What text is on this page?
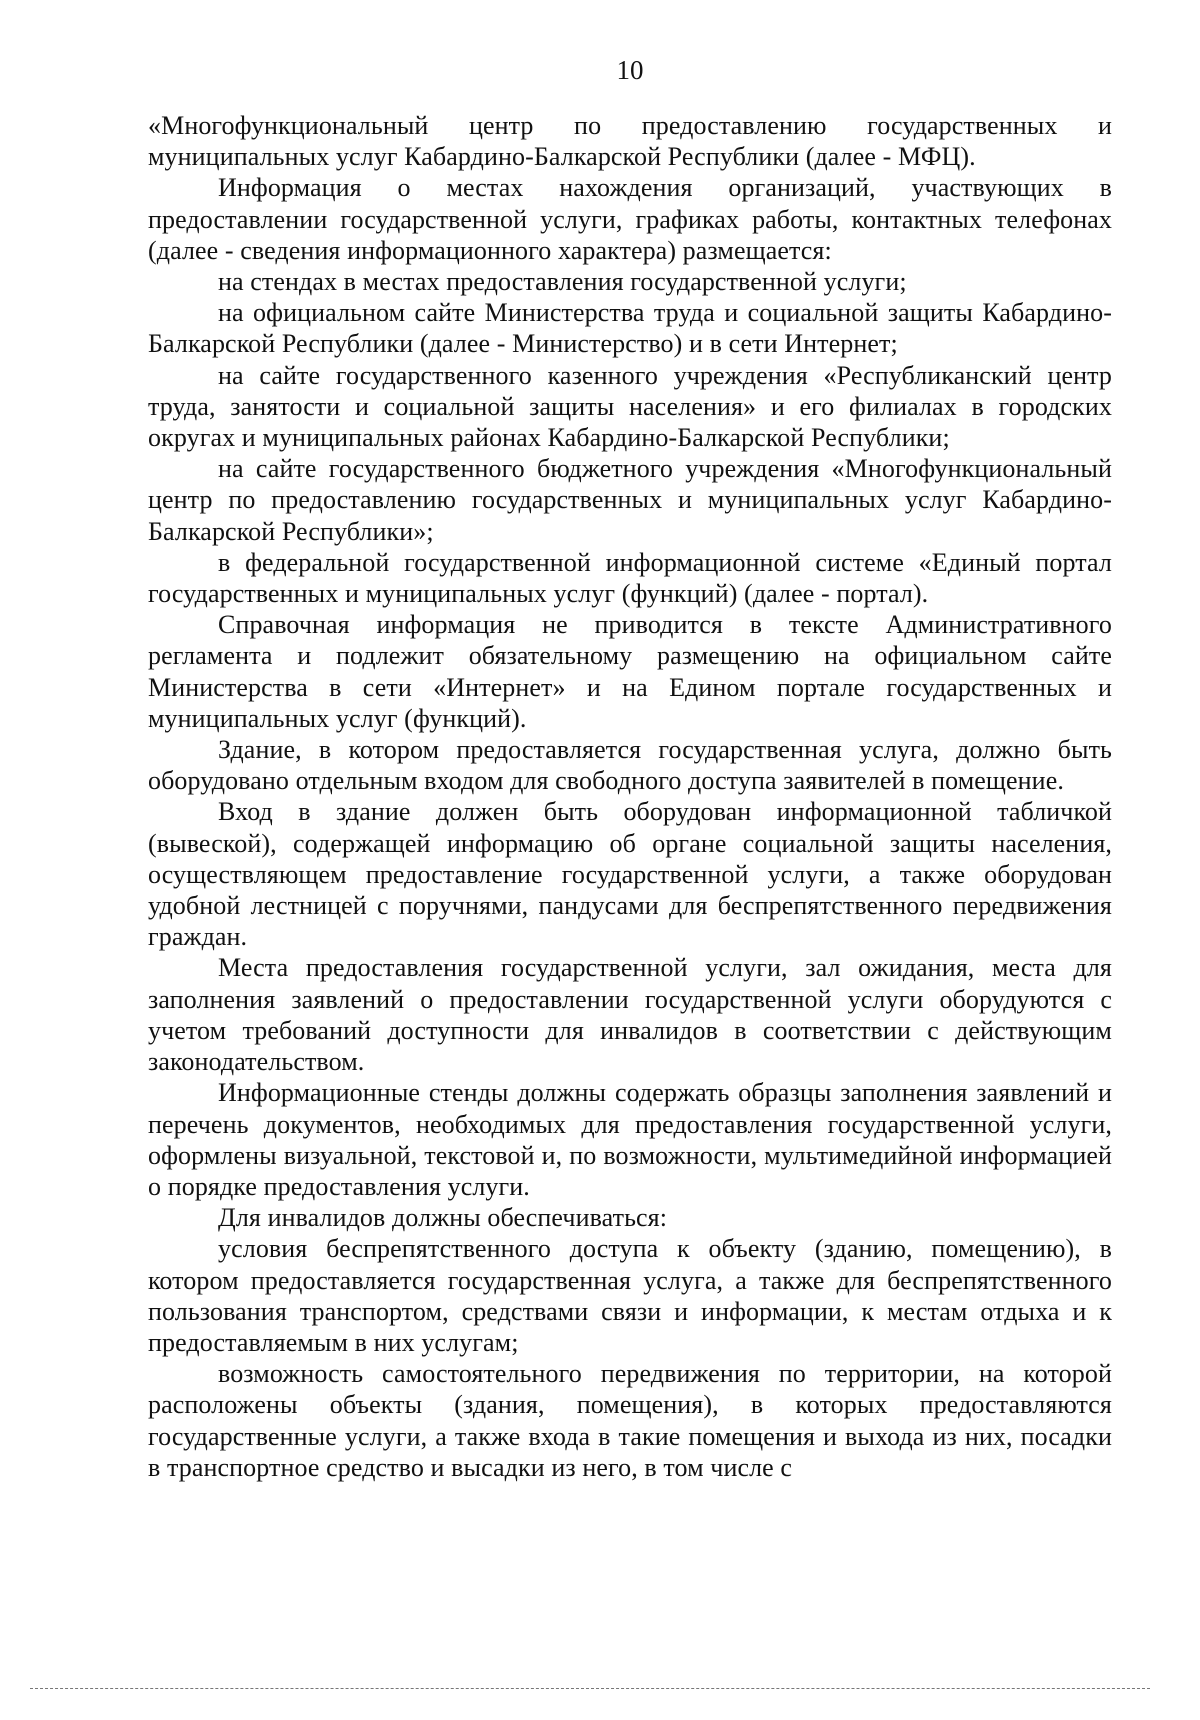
10

«Многофункциональный центр по предоставлению государственных и муниципальных услуг Кабардино-Балкарской Республики (далее - МФЦ).

Информация о местах нахождения организаций, участвующих в предоставлении государственной услуги, графиках работы, контактных телефонах (далее - сведения информационного характера) размещается:

на стендах в местах предоставления государственной услуги;

на официальном сайте Министерства труда и социальной защиты Кабардино-Балкарской Республики (далее - Министерство) и в сети Интернет;

на сайте государственного казенного учреждения «Республиканский центр труда, занятости и социальной защиты населения» и его филиалах в городских округах и муниципальных районах Кабардино-Балкарской Республики;

на сайте государственного бюджетного учреждения «Многофункциональный центр по предоставлению государственных и муниципальных услуг Кабардино-Балкарской Республики»;

в федеральной государственной информационной системе «Единый портал государственных и муниципальных услуг (функций) (далее - портал).

Справочная информация не приводится в тексте Административного регламента и подлежит обязательному размещению на официальном сайте Министерства в сети «Интернет» и на Едином портале государственных и муниципальных услуг (функций).

Здание, в котором предоставляется государственная услуга, должно быть оборудовано отдельным входом для свободного доступа заявителей в помещение.

Вход в здание должен быть оборудован информационной табличкой (вывеской), содержащей информацию об органе социальной защиты населения, осуществляющем предоставление государственной услуги, а также оборудован удобной лестницей с поручнями, пандусами для беспрепятственного передвижения граждан.

Места предоставления государственной услуги, зал ожидания, места для заполнения заявлений о предоставлении государственной услуги оборудуются с учетом требований доступности для инвалидов в соответствии с действующим законодательством.

Информационные стенды должны содержать образцы заполнения заявлений и перечень документов, необходимых для предоставления государственной услуги, оформлены визуальной, текстовой и, по возможности, мультимедийной информацией о порядке предоставления услуги.

Для инвалидов должны обеспечиваться:

условия беспрепятственного доступа к объекту (зданию, помещению), в котором предоставляется государственная услуга, а также для беспрепятственного пользования транспортом, средствами связи и информации, к местам отдыха и к предоставляемым в них услугам;

возможность самостоятельного передвижения по территории, на которой расположены объекты (здания, помещения), в которых предоставляются государственные услуги, а также входа в такие помещения и выхода из них, посадки в транспортное средство и высадки из него, в том числе с
